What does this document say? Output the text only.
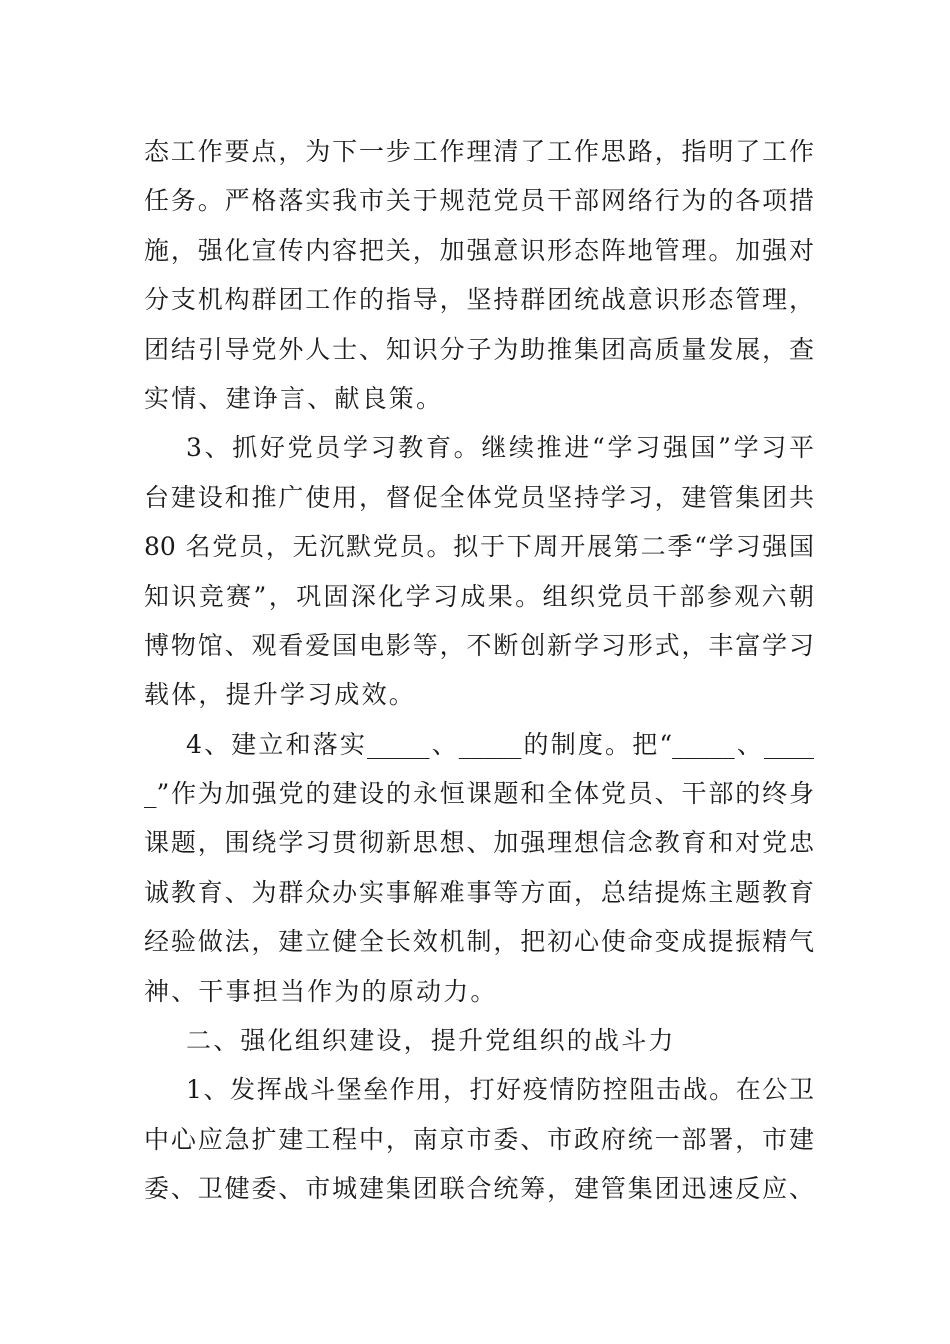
态工作要点，为下一步工作理清了工作思路，指明了工作
任务。严格落实我市关于规范党员干部网络行为的各项措
施，强化宣传内容把关，加强意识形态阵地管理。加强对
分支机构群团工作的指导，坚持群团统战意识形态管理，
团结引导党外人士、知识分子为助推集团高质量发展，查
实情、建诤言、献良策。
3、抓好党员学习教育。继续推进“学习强国”学习平
台建设和推广使用，督促全体党员坚持学习，建管集团共
80 名党员，无沉默党员。拟于下周开展第二季“学习强国
知识竞赛”，巩固深化学习成果。组织党员干部参观六朝
博物馆、观看爱国电影等，不断创新学习形式，丰富学习
载体，提升学习成效。
4、建立和落实_____、_____的制度。把“_____、____
_”作为加强党的建设的永恒课题和全体党员、干部的终身
课题，围绕学习贯彻新思想、加强理想信念教育和对党忠
诚教育、为群众办实事解难事等方面，总结提炼主题教育
经验做法，建立健全长效机制，把初心使命变成提振精气
神、干事担当作为的原动力。
二、强化组织建设，提升党组织的战斗力
1、发挥战斗堡垒作用，打好疫情防控阻击战。在公卫
中心应急扩建工程中，南京市委、市政府统一部署，市建
委、卫健委、市城建集团联合统筹，建管集团迅速反应、
